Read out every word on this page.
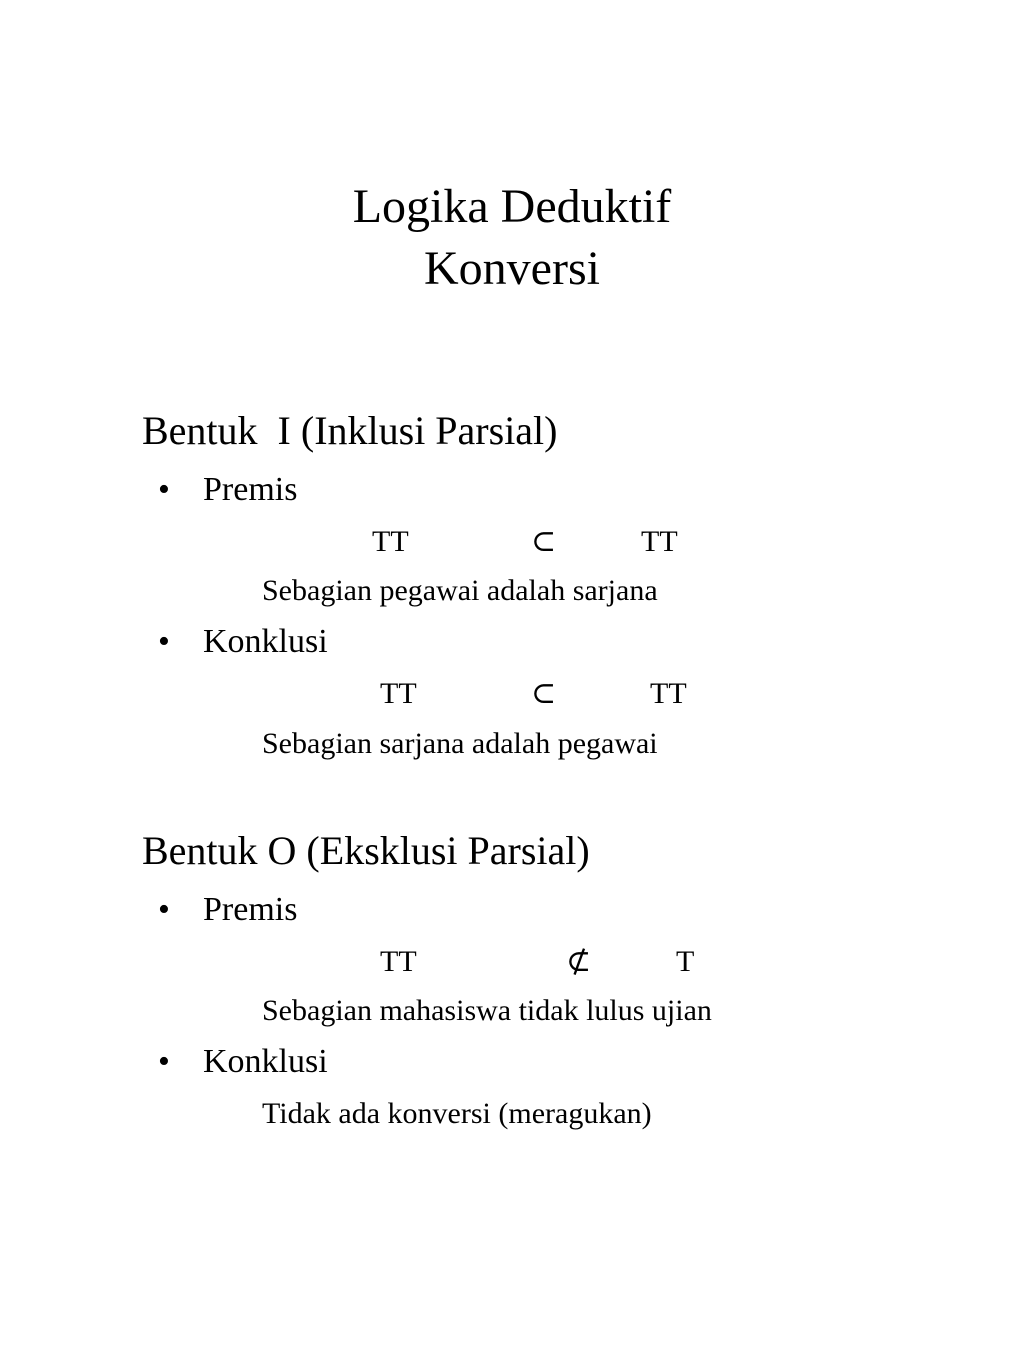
Logika Deduktif
Konversi
Bentuk  I (Inklusi Parsial)
• Premis
TT	⊂	TT
Sebagian pegawai adalah sarjana
• Konklusi
TT	⊂	TT
Sebagian sarjana adalah pegawai
Bentuk O (Eksklusi Parsial)
• Premis
TT	⊄	T
Sebagian mahasiswa tidak lulus ujian
• Konklusi
Tidak ada konversi (meragukan)
